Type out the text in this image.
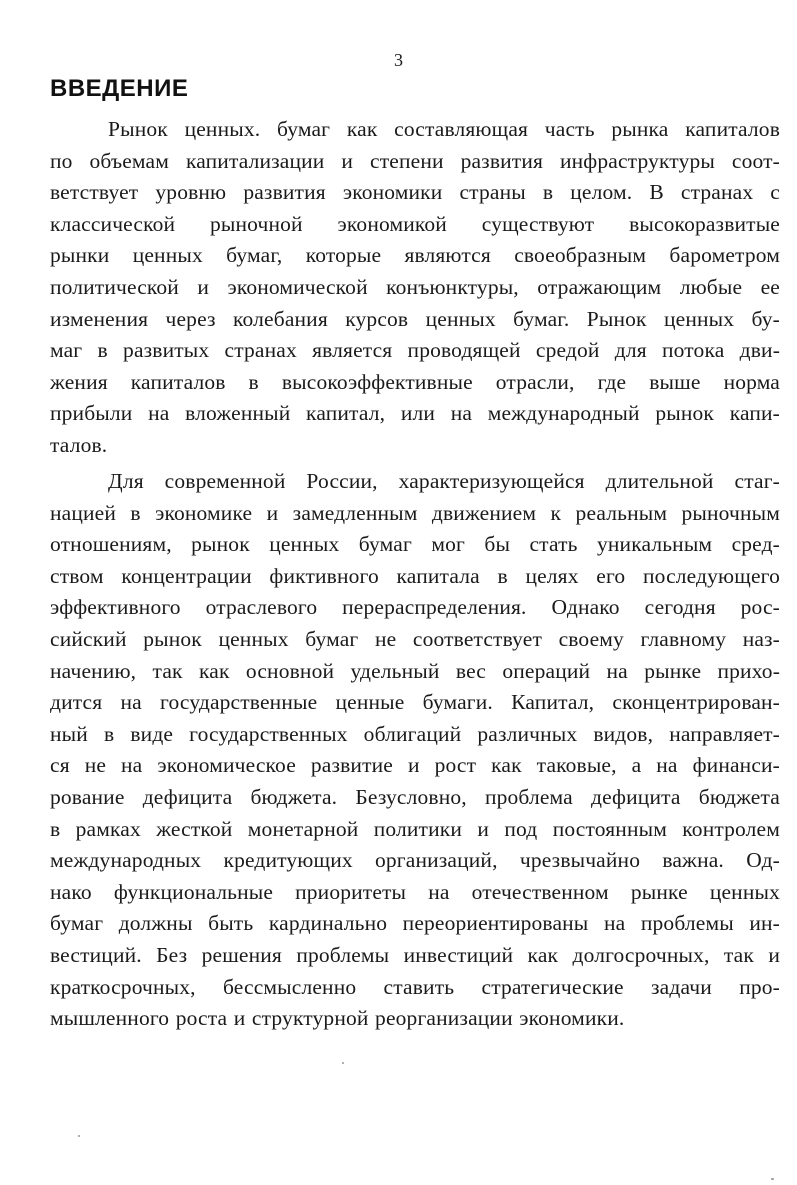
3
ВВЕДЕНИЕ

Рынок ценных. бумаг как составляющая часть рынка капиталов
по объемам капитализации и степени развития инфраструктуры соот-
ветствует уровню развития экономики страны в целом. В странах с
классической рыночной экономикой существуют высокоразвитые
рынки ценных бумаг, которые являются своеобразным барометром
политической и экономической конъюнктуры, отражающим любые ее
изменения через колебания курсов ценных бумаг. Рынок ценных бу-
маг в развитых странах является проводящей средой для потока дви-
жения капиталов в высокоэффективные отрасли, где выше норма
прибыли на вложенный капитал, или на международный рынок капи-
талов.

Для современной России, характеризующейся длительной стаг-
нацией в экономике и замедленным движением к реальным рыночным
отношениям, рынок ценных бумаг мог бы стать уникальным сред-
ством концентрации фиктивного капитала в целях его последующего
эффективного отраслевого перераспределения. Однако сегодня рос-
сийский рынок ценных бумаг не соответствует своему главному наз-
начению, так как основной удельный вес операций на рынке прихо-
дится на государственные ценные бумаги. Капитал, сконцентрирован-
ный в виде государственных облигаций различных видов, направляет-
ся не на экономическое развитие и рост как таковые, а на финанси-
рование дефицита бюджета. Безусловно, проблема дефицита бюджета
в рамках жесткой монетарной политики и под постоянным контролем
международных кредитующих организаций, чрезвычайно важна. Од-
нако функциональные приоритеты на отечественном рынке ценных
бумаг должны быть кардинально переориентированы на проблемы ин-
вестиций. Без решения проблемы инвестиций как долгосрочных, так и
краткосрочных, бессмысленно ставить стратегические задачи про-
мышленного роста и структурной реорганизации экономики.
